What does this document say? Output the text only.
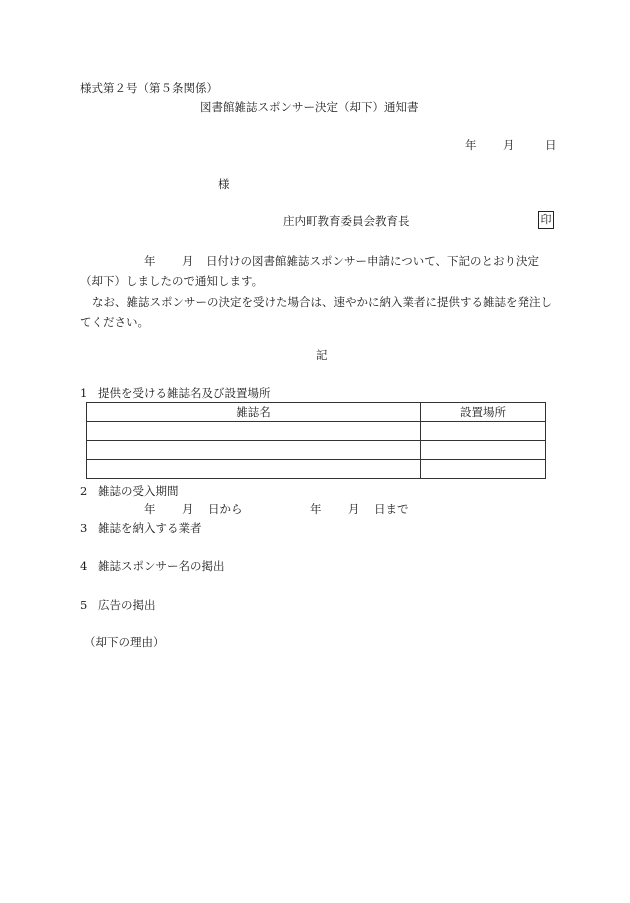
様式第２号（第５条関係）
図書館雑誌スポンサー決定（却下）通知書
年 月	日
様
庄内町教育委員会教育長	印
年 月 日付けの図書館雑誌スポンサー申請について、下記のとおり決定（却下）しましたので通知します。
なお、雑誌スポンサーの決定を受けた場合は、速やかに納入業者に提供する雑誌を発注してください。
記
1 提供を受ける雑誌名及び設置場所
雑誌名	設置場所

2 雑誌の受入期間
年 月 日から	年 月 日まで
3 雑誌を納入する業者
4 雑誌スポンサー名の掲出
5 広告の掲出
（却下の理由）
